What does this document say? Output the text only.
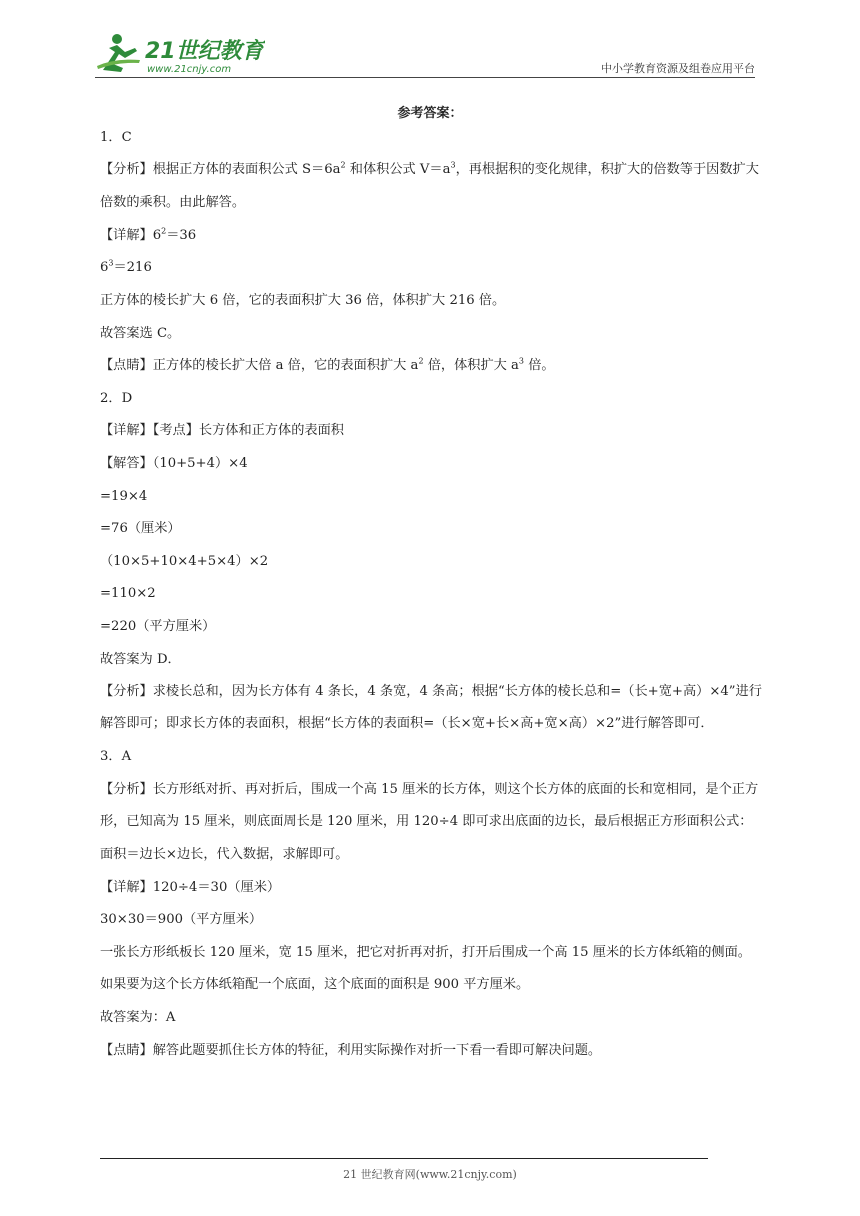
21世纪教育
www.21cnjy.com	中小学教育资源及组卷应用平台
参考答案：
1．C
【分析】根据正方体的表面积公式 $S=6a^2$ 和体积公式 $V=a^3$，再根据积的变化规律，积扩大的倍数等于因数扩大倍数的乘积。由此解答。
【详解】$6^2=36$
$6^3=216$
正方体的棱长扩大 6 倍，它的表面积扩大 36 倍，体积扩大 216 倍。
故答案选 C。
【点睛】正方体的棱长扩大倍 a 倍，它的表面积扩大 $a^2$ 倍，体积扩大 $a^3$ 倍。
2．D
【详解】【考点】长方体和正方体的表面积
【解答】（10+5+4）×4
=19×4
=76（厘米）
（10×5+10×4+5×4）×2
=110×2
=220（平方厘米）
故答案为 D．
【分析】求棱长总和，因为长方体有 4 条长，4 条宽，4 条高；根据“长方体的棱长总和=（长+宽+高）×4”进行解答即可；即求长方体的表面积，根据“长方体的表面积=（长×宽+长×高+宽×高）×2”进行解答即可．
3．A
【分析】长方形纸对折、再对折后，围成一个高 15 厘米的长方体，则这个长方体的底面的长和宽相同，是个正方形，已知高为 15 厘米，则底面周长是 120 厘米，用 120÷4 即可求出底面的边长，最后根据正方形面积公式：面积＝边长×边长，代入数据，求解即可。
【详解】120÷4＝30（厘米）
30×30＝900（平方厘米）
一张长方形纸板长 120 厘米，宽 15 厘米，把它对折再对折，打开后围成一个高 15 厘米的长方体纸箱的侧面。如果要为这个长方体纸箱配一个底面，这个底面的面积是 900 平方厘米。
故答案为：A
【点睛】解答此题要抓住长方体的特征，利用实际操作对折一下看一看即可解决问题。
21 世纪教育网(www.21cnjy.com)
